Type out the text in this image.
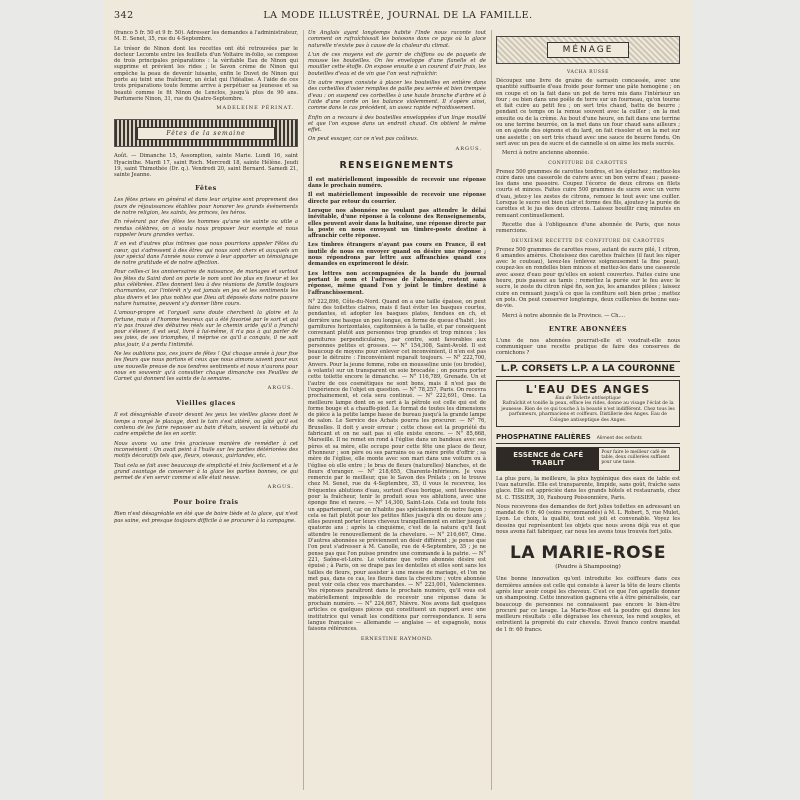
342	LA MODE ILLUSTRÉE, JOURNAL DE LA FAMILLE.

(franco 5 fr. 50 et 9 fr. 50). Adresser les demandes à l'administrateur, M. E. Senet, 35, rue du 4-Septembre.

Le trésor de Ninon dont les recettes ont été retrouvées par le docteur Lecomte entre les feuillets d'un Voltaire in-folio, se compose de trois principales préparations : la véritable Eau de Ninon qui supprime et prévient les rides ; le Savon crème de Ninon qui empêche la peau de devenir luisante, enfin le Duvet de Ninon qui porte au teint une fraîcheur, un éclat qui l'idéalise. À l'aide de ces trois préparations toute femme arrive à perpétuer sa jeunesse et sa beauté comme le fit Ninon de Lenclos, jusqu'à plus de 90 ans. Parfumerie Ninon, 31, rue du Quatre-Septembre.

MADELEINE PÉRINAT.
Fêtes de la semaine

Août. — Dimanche 15, Assomption, sainte Marie. Lundi 16, saint Hyacinthe. Mardi 17, saint Roch. Mercredi 18, sainte Hélène. Jeudi 19, saint Thimothée (Dr. q.). Vendredi 20, saint Bernard. Samedi 21, sainte Jeanne.

Fêtes

Les fêtes prises en général et dans leur origine sont proprement des jours de réjouissances établies pour honorer les grands événements de notre religion, les saints, les princes, les héros.

En révérant par des fêtes les hommes qu'une vie sainte ou utile a rendus célèbres, on a voulu nous proposer leur exemple et nous rappeler leurs grandes vertus.

Il en est d'autres plus intimes que nous pourrions appeler Fêtes du cœur, qui s'adressent à des êtres qui nous sont chers et auxquels un jour spécial dans l'année nous convie à leur apporter un témoignage de notre gratitude et de notre affection.

Pour celles-ci les anniversaires de naissance, de mariages et surtout les fêtes du Saint dont on porte le nom sont les plus en faveur et les plus célébrées. Elles donnent lieu à des réunions de famille toujours charmantes, car l'intérêt n'y est jamais en jeu et les sentiments les plus divers et les plus nobles que Dieu ait déposés dans notre pauvre nature humaine, peuvent s'y donner libre cours.

L'amour-propre et l'orgueil sans doute cherchent la gloire et la fortune, mais si l'homme heureux qui a été favorisé par le sort et qui n'a pas trouvé des débuires réels sur le chemin aride qu'il a franchi pour s'élever, il est seul, livré à lui-même, il n'a pas à qui parler de ses joies, de ses triomphes, il méprise ce qu'il a conquis, il ne sait plus jouir, il a perdu l'intimité.

Ne les oublions pas, ces jours de fêtes ! Qui chaque année à jour fixe les fleurs que nous portons et ceux que nous aimons savent pour eux une nouvelle preuve de nos tendres sentiments et nous n'aurons pour nous en souvenir qu'à consulter chaque dimanche ces Feuilles de Carnet qui donnent les saints de la semaine.

ARGUS.
Vieilles glaces

Il est désagréable d'avoir devant les yeux les vieilles glaces dont le temps a rongé le placage, dont le tain s'est altéré, ou gâté qu'il est contenu de les faire repasser au bain d'étain, souvent la vétusté du cadre empêche de les en sortir.

Nous avons vu une très gracieuse manière de remédier à cet inconvénient : On avait peint à l'huile sur les parties détériorées des motifs décoratifs tels que, fleurs, oiseaux, guirlandes, etc.

Tout cela se fait avec beaucoup de simplicité et très facilement et a le grand avantage de conserver à la glace les parties bonnes, ce qui permet de s'en servir comme si elle était neuve.

ARGUS.
Pour boire frais

Rien n'est désagréable en été que de boire tiède et la glace, qui n'est pas saine, est presque toujours difficile à se procurer à la campagne.

Un Anglais ayant longtemps habité l'Inde nous raconte tout comment on rafraîchissait les boissons dans ce pays où la glace naturelle n'existe pas à cause de la chaleur du climat.

L'un de ces moyens est de garnir de chiffons ou de paquets de mousse les bouteilles. On les enveloppe d'une flanelle et de mouiller cette étoffe. On expose ensuite à un courant d'air frais, les bouteilles d'eau et de vin que l'on veut rafraîchir.

Un autre moyen consiste à placer les bouteilles en entière dans des corbeilles d'osier remplies de paille peu serrée et bien trempée d'eau : on suspend ces corbeilles à une haute branche d'arbre et à l'aide d'une corde on les balance violemment. Il s'opère ainsi, comme dans le cas précédent, un assez rapide refroidissement.

Enfin on a recours à des bouteilles enveloppées d'un linge mouillé et que l'on expose dans un endroit chaud. On obtient le même effet.

On peut essayer, car ce n'est pas coûteux.

ARGUS.
RENSEIGNEMENTS

Il est matériellement impossible de recevoir une réponse dans le prochain numéro.

Il est matériellement impossible de recevoir une réponse directe par retour du courrier.

Lorsque nos abonnées ne voulant pas attendre le délai inévitable, d'une réponse à la colonne des Renseignements, elles peuvent avoir dans la huitaine, une réponse directe par la poste en nous envoyant un timbre-poste destiné à affranchir cette réponse.

Les timbres étrangers n'ayant pas cours en France, il est inutile de nous en envoyer quand on désire une réponse ; nous répondrons par lettre aux affranchies quand ces demandes en exprimeront le désir.

Les lettres non accompagnées de la bande du journal portant le nom et l'adresse de l'abonnée, restent sans réponse, même quand l'on y joint le timbre destiné à l'affranchissement.

N° 222,896, Côte-du-Nord. Quand on a une taille épaisse, on peut faire des toilettes claires, mais il faut éviter les basques courtes, pendantes, et adopter les basques plates, fendues en ch, et derrière une basque un peu longue, en forme de queue d'habit ; les garnitures horizontales, capitonnées à la taille, et par conséquent convenant plutôt aux personnes trop grandes et trop minces ; les garnitures perpendiculaires, par contre, sont favorables aux personnes petites et grosses. — N° 154,308, Saint-Avold. Il est beaucoup de moyens pour enlever cet inconvénient, il n'en est pas pour le détruire : l'inconvénient reparaît toujours. — N° 222,700, Anvers. Pour la jeune femme, robe en mousseline unie (ou brodée), à volants) sur un transparent en soie brocadée ; on pourra porter cette toilette encore le dimanche. — N° 116,789, Grenade. Un et l'autre de ces cosmétiques ne sont bons, mais il n'est pas de l'expérience de l'objet en question. — N° 78,257, Paris. On recevra prochainement, et cela sera continué. — N° 222,691, Ome. La meilleure lampe dont on se sert à la pétrole est celle qui est de forme bouge et a chauffe-pied. Le format de toutes les dimensions de pièce à la petite lampe basse de bureau jusqu'à la grande lampe de salon. Le Service des Achats pourra les procurer. — N° 76, Bruxelles. Il doit y avoir erreur ; cette chose est la propriété du fabricant et on ne sait pas si elle existe encore. — N° 85,668, Marseille. Il ne remet en rond à l'église dans un bandeau avec ses pères et sa mère, elle occupe pour cette fête une place de fleur, d'honneur ; son père ou ses parrains ou sa mère prête d'offrir ; sa mère de l'église, elle monte avec son mari dans une voiture ou à l'église où elle entre ; le bras de fleurs (naturelles) blanches, et de fleurs d'oranger. — N° 218,655, Charente-Inférieure. Je vous remercie par le meilleur, que le Savon des Prélats ; on le trouve chez M. Senet, rue du 4-Septembre, 35, il vous le recevrez, les fréquentes ablutions d'eau, surtout d'eau borique, sont favorables pour la fraîcheur, tenir le produit sous vos ablutions, avec une éponge fine et neuve. — N° 14,300, Saint-Lois. Cela est toute fois un appartement, car on n'habite pas spécialement de notre façon ; cela se fait plutôt pour les petites filles jusqu'à dix ou douze ans ; elles peuvent porter leurs cheveux tranquillement en entier jusqu'à quatorze ans ; après la cinquième, c'est de la nature qu'il faut attendre le renouvellement de la chevelure. — N° 216,667, Ome. D'autres abonnées se préviennent un désir différent ; je pense que l'on peut s'adresser à M. Canolle, rue de 4-Septembre, 35 ; je ne pense pas que l'on puisse prendre une commande à la patrie. — N° 221, Saône-et-Loire. Le volume que votre abonnée désire est épuisé ; à Paris, on se drape pas les dentelles et elles sont sans les tailles de fleurs, pour assister à une messe de mariage, et l'on ne met pas, dans ce cas, les fleurs dans la chevelure ; votre abonnée peut voir cela chez vos marchandes. — N° 223,001, Valenciennes. Vos réponses paraîtront dans le prochain numéro, qu'il vous est matériellement impossible de recevoir une réponse dans le prochain numéro. — N° 224,667, Nièvre. Nos avons fait quelques articles ce quelques pièces qui constituent un rapport avec une institutrice qui venait les conditions par correspondance. Il sera langue française — allemande — anglaise — et espagnole, nous faisons références.

ERNESTINE RAYMOND.
MÉNAGE
VACHA RUSSE

Découpez une livre de graine de sarrasin concassée, avec une quantité suffisante d'eau froide pour former une pâte homogène ; on en coupe et on la fait dans un pot de terre mis dans l'intérieur un four ; ou bien dans une poêle de terre sur un fourneau, qu'on tourne et fait cuire au petit feu ; on sert très chaud, battu de beurre ; pendant ce temps on la remue souvent avec la cuiller ; on la met ensuite ou de la crème. Au bout d'une heure, on fait dans une terrine ou une terrine beurrée, on la met dans un four chaud sans ailleurs ; on en ajoute des oignons et du lard, on fait rissoler et on la met sur une assiette ; on sert très chaud avec une sauce de beurre fondu. On sert avec un peu de sucre et de cannelle si on aime les mets sucrés.

Merci à notre ancienne abonnée.

CONFITURE DE CAROTTES

Prenez 500 grammes de carottes tendres, et les épluchez ; mettez-les cuire dans une casserole de cuivre avec un bon verre d'eau ; passez-les dans une passoire. Coupez l'écorce de deux citrons en filets courts et minces. Faites cuire 500 grammes de sucre avec un verre d'eau, jetez-y les zestes de citrons, remuez le tout avec une cuiller. Lorsque le sucre est bien clair et forme des fils, ajoutez-y la purée de carottes et le jus des deux citrons. Laissez bouillir cinq minutes en remuant continuellement.

Recette due à l'obligeance d'une abonnée de Paris, que nous remercions.

DEUXIÈME RECETTE DE CONFITURE DE CAROTTES

Prenez 500 grammes de carottes roses, autant de sucre pilé, 1 citron, 6 amandes amères. Choisissez des carottes fraîches (il faut les râper avec le couteau), lavez-les (enlevez soigneusement la fine peau), coupez-les en rondelles bien minces et mettez-les dans une casserole avec assez d'eau pour qu'elles en soient couvertes. Faites cuire une heure, puis passez au tamis ; remettez la purée sur le feu avec le sucre, le zeste du citron râpé fin, son jus, les amandes pilées ; laissez cuire en remuant jusqu'à ce que la confiture soit bien prise ; mettez en pots. On peut conserver longtemps, deux cuillerées de bonne eau-de-vie.

Merci à notre abonnée de la Province. — Ch....

ENTRE ABONNÉES

L'une de nos abonnées pourrait-elle et voudrait-elle nous communiquer une recette pratique de faire des conserves de cornichons ?

L.P. CORSETS L.P. A LA COURONNE
L'EAU DES ANGES
Eau de Toilette antiseptique
Rafraîchit et tonifie la peau, efface les rides, donne au visage l'éclat de la jeunesse. Rien de ce qui touche à la beauté n'est indifférent. Chez tous les parfumeurs, pharmaciens et coiffeurs. Distillerie des Anges. Eau de Cologne antiseptique des Anges.
PHOSPHATINE FALIÈRES Aliment des enfants
ESSENCE de CAFÉ TRABLIT
Pour faire le meilleur café de table, deux cuillerées suffisent pour une tasse.

La plus pure, la meilleure, la plus hygiénique des eaux de table est l'eau naturelle. Elle est transparente, limpide, sans goût, fraîche sans glace. Elle est appréciée dans les grands hôtels et restaurants, chez M. C. TISSIER, 30, Faubourg Poissonnière, Paris.

Nous recevrons des demandes de fort jolies toilettes en adressant un mandat de 6 fr. 40 (soins recommandés) à M. L. Robert, 5, rue Mulet, Lyon. Le choix, la qualité, tout est joli et convenable. Voyez les dessins qui représentent les objets que nous avons déjà vus et que nous avons fait fabriquer, car nous les avons tous trouvés fort jolis.

LA MARIE-ROSE
(Poudre à Shampooing)

Une bonne innovation qu'ont introduite les coiffeurs dans ces dernières années est celle qui consiste à laver la tête de leurs clients après leur avoir coupé les cheveux. C'est ce que l'on appelle donner un shampooing. Cette innovation gagnera vite à être généralisée, car beaucoup de personnes ne connaissent pas encore le bien-être procuré par ce lavage. La Marie-Rose est la poudre qui donne les meilleurs résultats : elle dégraisse les cheveux, les rend souples, et entretient la propreté du cuir chevelu. Envoi franco contre mandat de 1 fr. 60 francs.
